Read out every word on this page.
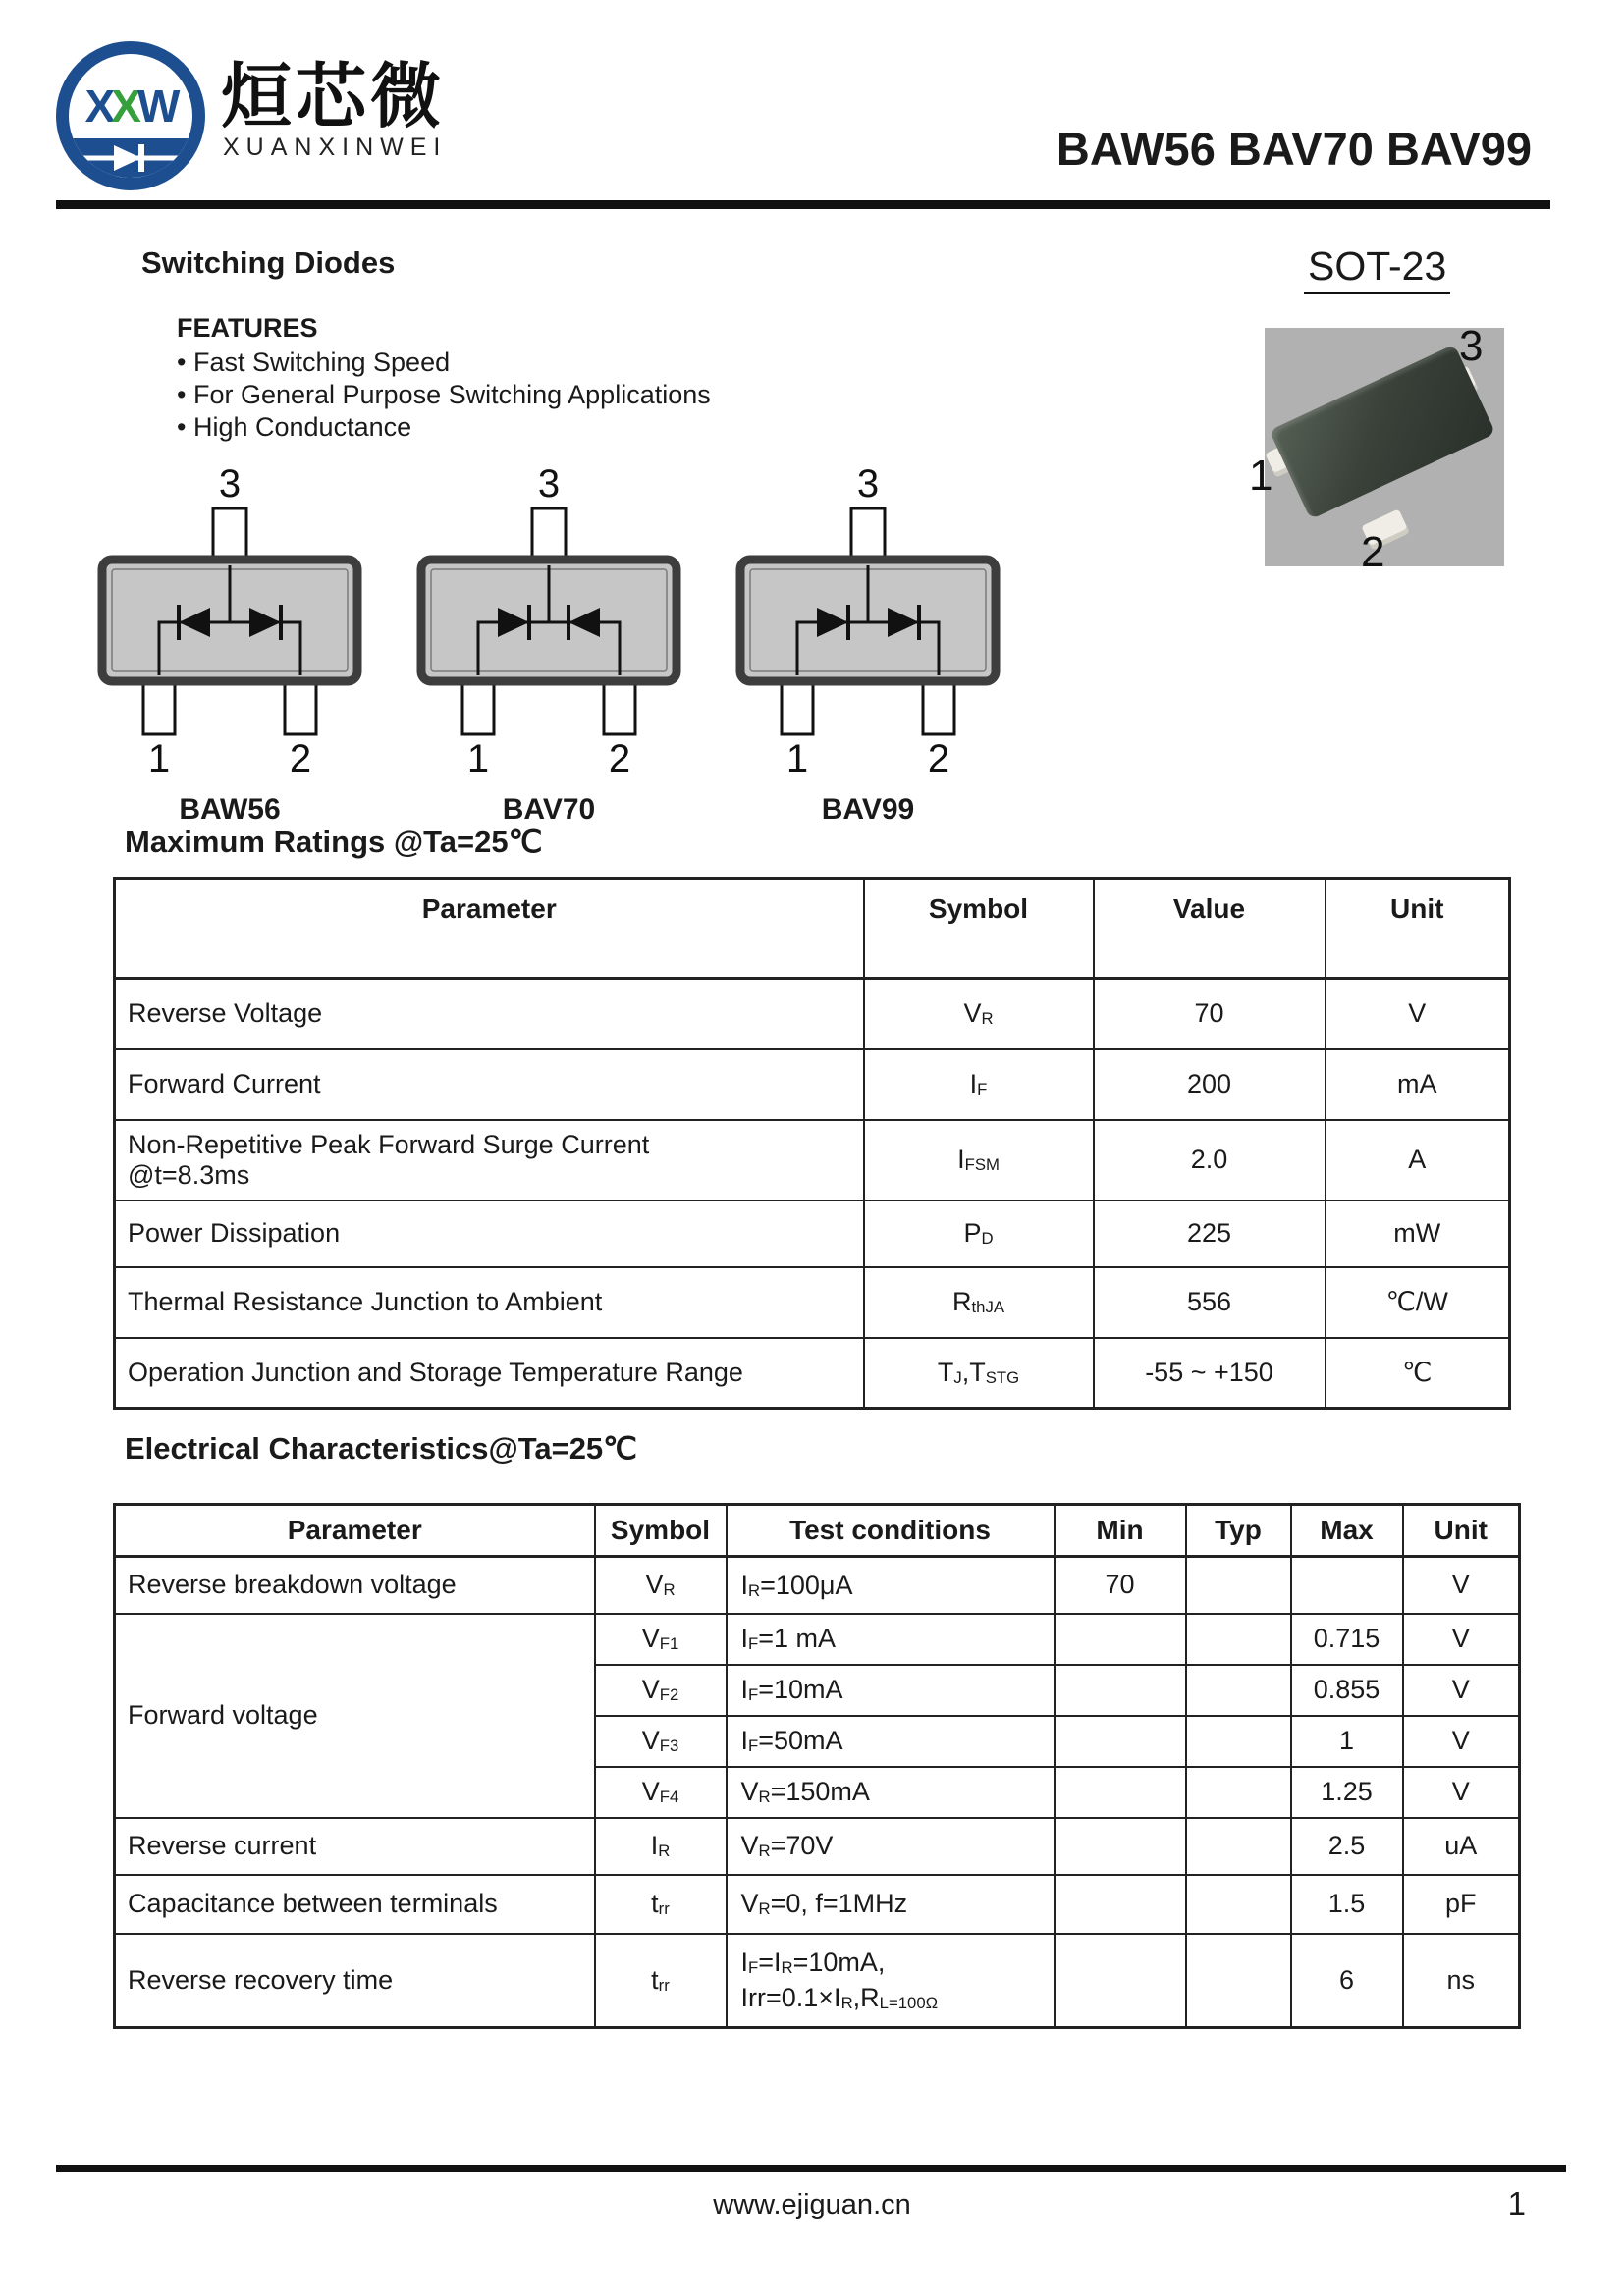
XXW 烜芯微
XUANXINWEI	BAW56 BAV70 BAV99
Switching Diodes	SOT-23
FEATURES
• Fast Switching Speed
• For General Purpose Switching Applications
• High Conductance
3
1
2
3
1	2
BAW56
3
1	2
BAV70
3
1	2
BAV99
Maximum Ratings @Ta=25℃
Parameter	Symbol	Value	Unit
Reverse Voltage	$V_R$	70	V
Forward Current	$I_F$	200	mA
Non-Repetitive Peak Forward Surge Current
@t=8.3ms	$I_{FSM}$	2.0	A
Power Dissipation	$P_D$	225	mW
Thermal Resistance Junction to Ambient	$R_{thJA}$	556	℃/W
Operation Junction and Storage Temperature Range	$T_J,T_{STG}$	-55 ~ +150	℃
Electrical Characteristics@Ta=25℃
Parameter	Symbol	Test conditions	Min	Typ	Max	Unit
Reverse breakdown voltage	$V_R$	$I_R=100\mu A$	70			V
Forward voltage	$V_{F1}$	$I_F=1$ mA			0.715	V
	$V_{F2}$	$I_F=10mA$			0.855	V
	$V_{F3}$	$I_F=50mA$			1	V
	$V_{F4}$	$V_R=150mA$			1.25	V
Reverse current	$I_R$	$V_R=70V$			2.5	uA
Capacitance between terminals	$t_{rr}$	$V_R=0$, f=1MHz			1.5	pF
Reverse recovery time	$t_{rr}$	$I_F=I_R=10mA$,
$Irr=0.1\times I_R,R_{L=100\Omega}$			6	ns
www.ejiguan.cn	1
